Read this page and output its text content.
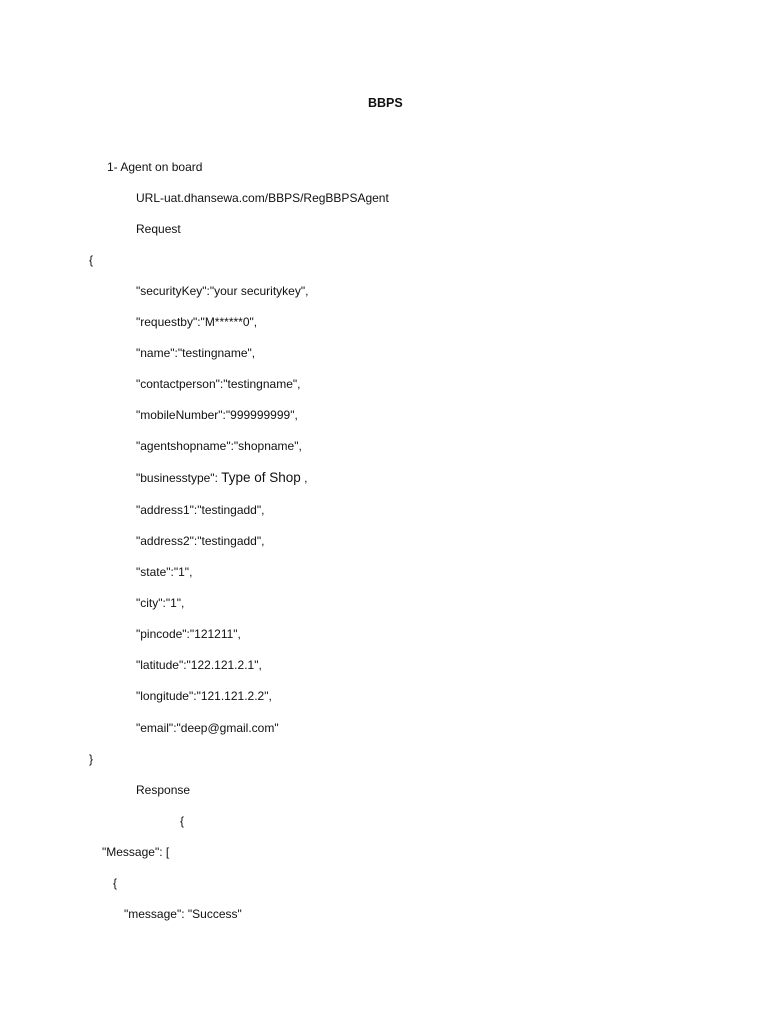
BBPS
1- Agent on board
URL-uat.dhansewa.com/BBPS/RegBBPSAgent
Request
{
"securityKey":"your securitykey",
"requestby":"M******0",
"name":"testingname",
"contactperson":"testingname",
"mobileNumber":"999999999",
"agentshopname":"shopname",
"businesstype": Type of Shop ,
"address1":"testingadd",
"address2":"testingadd",
"state":"1",
"city":"1",
"pincode":"121211",
"latitude":"122.121.2.1",
"longitude":"121.121.2.2",
"email":"deep@gmail.com"
}
Response
{
"Message": [
{
"message": "Success"
